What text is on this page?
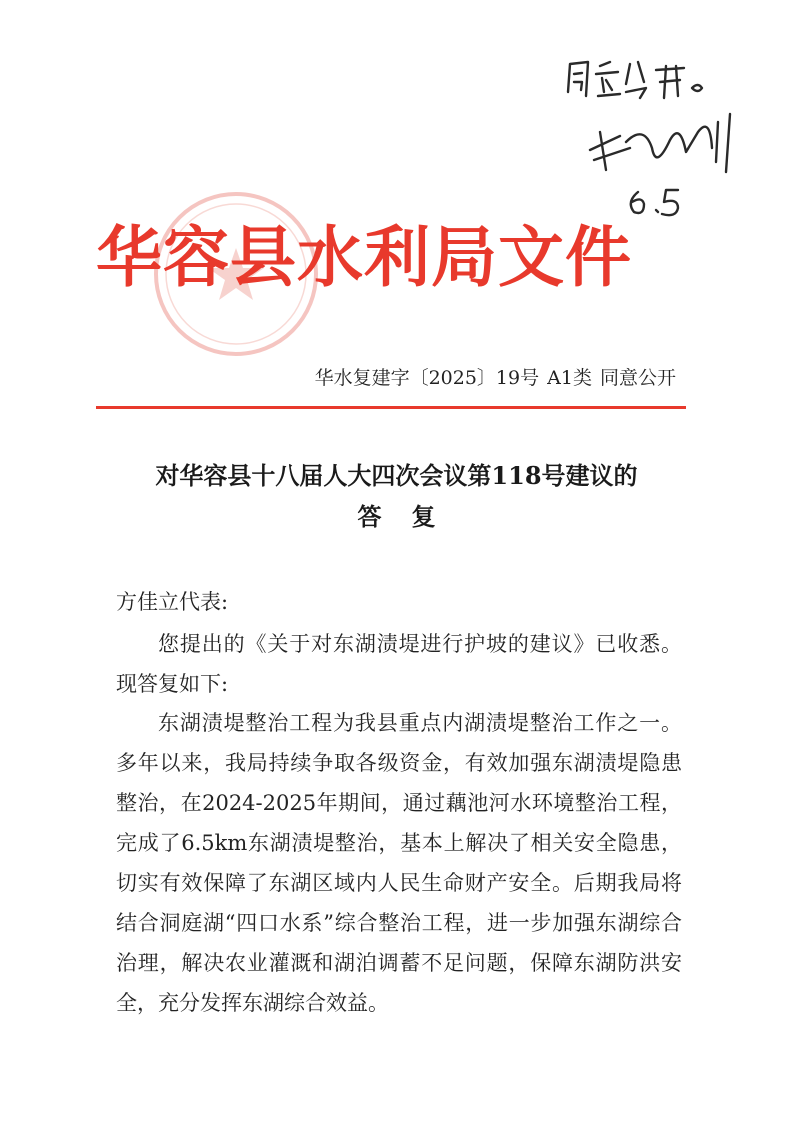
华容县水利局文件
华水复建字〔2025〕19号 A1类 同意公开
对华容县十八届人大四次会议第118号建议的
答复

方佳立代表:

您提出的《关于对东湖渍堤进行护坡的建议》已收悉。现答复如下:

东湖渍堤整治工程为我县重点内湖渍堤整治工作之一。多年以来，我局持续争取各级资金，有效加强东湖渍堤隐患整治，在2024-2025年期间，通过藕池河水环境整治工程，完成了6.5km东湖渍堤整治，基本上解决了相关安全隐患，切实有效保障了东湖区域内人民生命财产安全。后期我局将结合洞庭湖“四口水系”综合整治工程，进一步加强东湖综合治理，解决农业灌溉和湖泊调蓄不足问题，保障东湖防洪安全，充分发挥东湖综合效益。
